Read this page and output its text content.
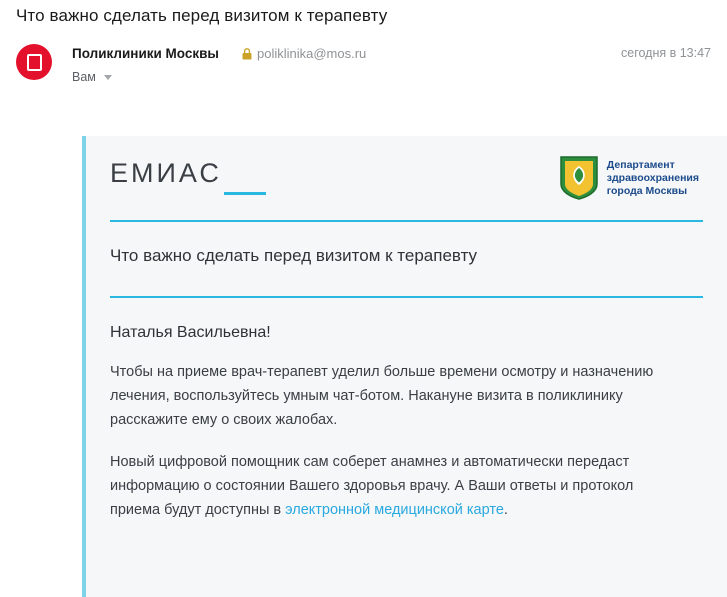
Что важно сделать перед визитом к терапевту
Поликлиники Москвы	poliklinika@mos.ru
Вам
сегодня в 13:47
ЕМИАС	Департамент
здравоохранения
города Москвы
Что важно сделать перед визитом к терапевту
Наталья Васильевна!
Чтобы на приеме врач-терапевт уделил больше времени осмотру и назначению лечения, воспользуйтесь умным чат-ботом. Накануне визита в поликлинику расскажите ему о своих жалобах.
Новый цифровой помощник сам соберет анамнез и автоматически передаст информацию о состоянии Вашего здоровья врачу. А Ваши ответы и протокол приема будут доступны в электронной медицинской карте.
